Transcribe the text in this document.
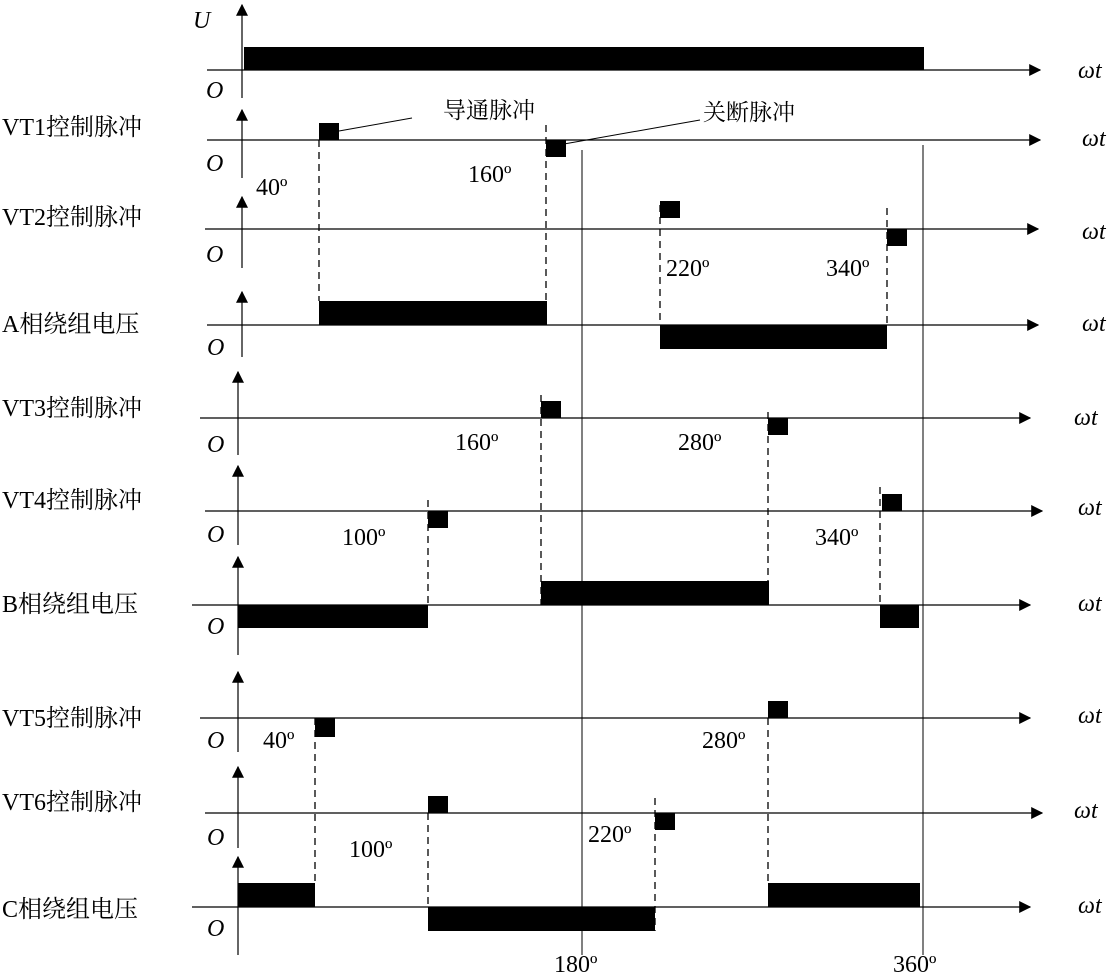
U
O
O
O
O
O
O
O
O
O
O
ωt
ωt
ωt
ωt
ωt
ωt
ωt
ωt
ωt
ωt
VT1控制脉冲
VT2控制脉冲
A相绕组电压
VT3控制脉冲
VT4控制脉冲
B相绕组电压
VT5控制脉冲
VT6控制脉冲
C相绕组电压
导通脉冲	关断脉冲
40º	160º
220º	340º
160º	280º
100º	340º
40º	280º
100º
220º
180º	360º
